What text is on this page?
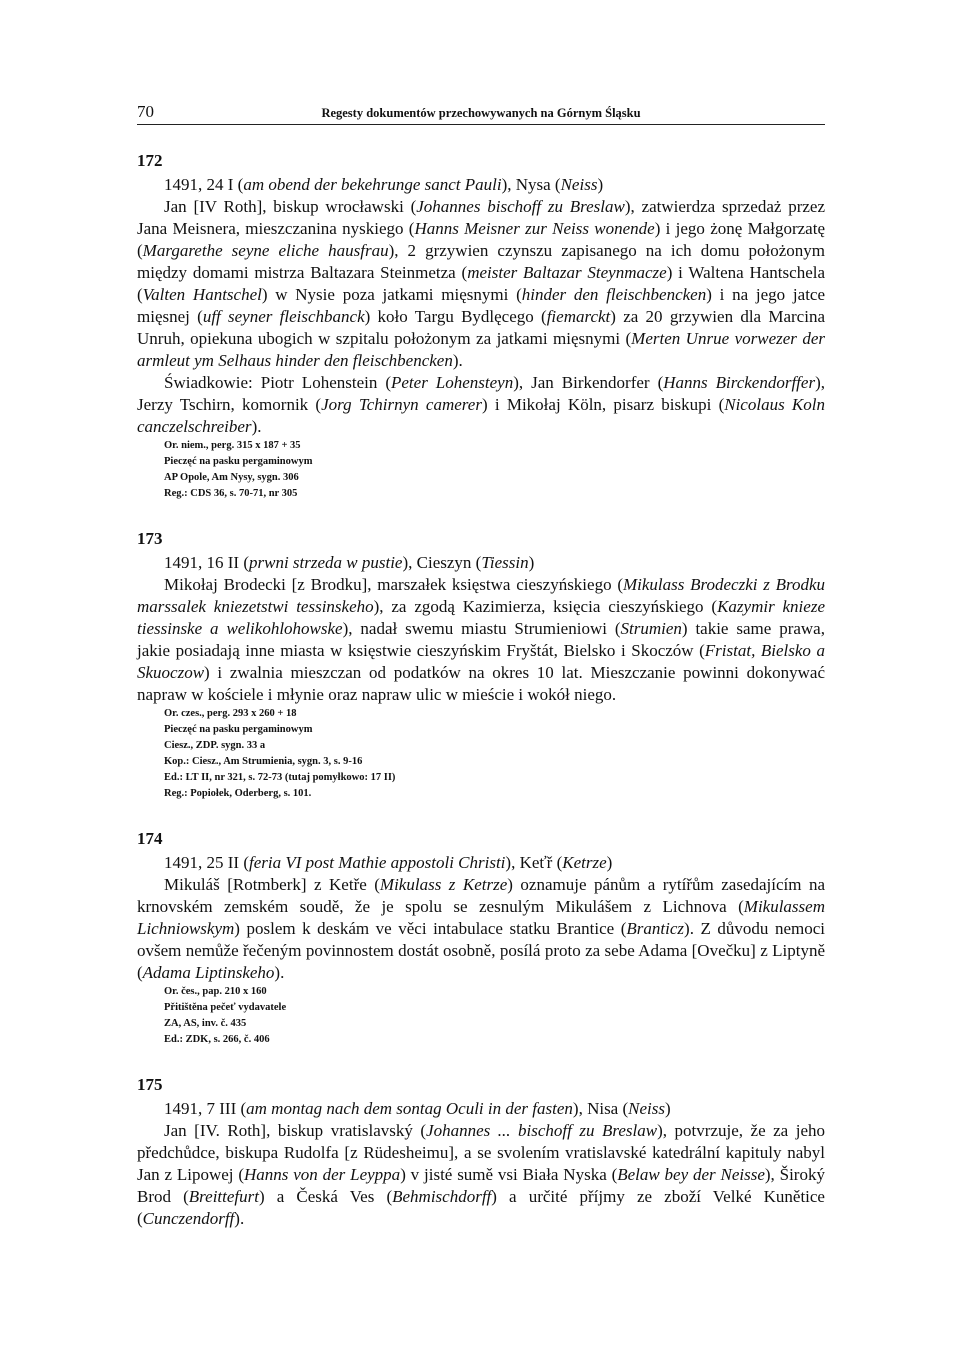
70	Regesty dokumentów przechowywanych na Górnym Śląsku
172

1491, 24 I (am obend der bekehrunge sanct Pauli), Nysa (Neiss)

Jan [IV Roth], biskup wrocławski (Johannes bischoff zu Breslaw), zatwierdza sprzedaż przez Jana Meisnera, mieszczanina nyskiego (Hanns Meisner zur Neiss wonende) i jego żonę Małgorzatę (Margarethe seyne eliche hausfrau), 2 grzywien czynszu zapisanego na ich domu położonym między domami mistrza Baltazara Steinmetza (meister Baltazar Steynmacze) i Waltena Hantschela (Valten Hantschel) w Nysie poza jatkami mięsnymi (hinder den fleischbencken) i na jego jatce mięsnej (uff seyner fleischbanck) koło Targu Bydlęcego (fiemarckt) za 20 grzywien dla Marcina Unruh, opiekuna ubogich w szpitalu położonym za jatkami mięsnymi (Merten Unrue vorwezer der armleut ym Selhaus hinder den fleischbencken).

Świadkowie: Piotr Lohenstein (Peter Lohensteyn), Jan Birkendorfer (Hanns Birckendorffer), Jerzy Tschirn, komornik (Jorg Tchirnyn camerer) i Mikołaj Köln, pisarz biskupi (Nicolaus Koln canczelschreiber).

Or. niem., perg. 315 x 187 + 35
Pieczęć na pasku pergaminowym
AP Opole, Am Nysy, sygn. 306
Reg.: CDS 36, s. 70-71, nr 305
173

1491, 16 II (prwni strzeda w pustie), Cieszyn (Tiessin)

Mikołaj Brodecki [z Brodku], marszałek księstwa cieszyńskiego (Mikulass Brodeczki z Brodku marssalek kniezetstwi tessinskeho), za zgodą Kazimierza, księcia cieszyńskiego (Kazymir knieze tiessinske a welikohlohowske), nadał swemu miastu Strumieniowi (Strumien) takie same prawa, jakie posiadają inne miasta w księstwie cieszyńskim Fryštát, Bielsko i Skoczów (Fristat, Bielsko a Skuoczow) i zwalnia mieszczan od podatków na okres 10 lat. Mieszczanie powinni dokonywać napraw w kościele i młynie oraz napraw ulic w mieście i wokół niego.

Or. czes., perg. 293 x 260 + 18
Pieczęć na pasku pergaminowym
Ciesz., ZDP. sygn. 33 a
Kop.: Ciesz., Am Strumienia, sygn. 3, s. 9-16
Ed.: LT II, nr 321, s. 72-73 (tutaj pomyłkowo: 17 II)
Reg.: Popiołek, Oderberg, s. 101.
174

1491, 25 II (feria VI post Mathie appostoli Christi), Keťř (Ketrze)

Mikuláš [Rotmberk] z Ketře (Mikulass z Ketrze) oznamuje pánům a rytířům zasedajícím na krnovském zemském soudě, že je spolu se zesnulým Mikulášem z Lichnova (Mikulassem Lichniowskym) poslem k deskám ve věci intabulace statku Brantice (Branticz). Z důvodu nemoci ovšem nemůže řečeným povinnostem dostát osobně, posílá proto za sebe Adama [Ovečku] z Liptyně (Adama Liptinskeho).

Or. čes., pap. 210 x 160
Přitištěna pečeť vydavatele
ZA, AS, inv. č. 435
Ed.: ZDK, s. 266, č. 406
175

1491, 7 III (am montag nach dem sontag Oculi in der fasten), Nisa (Neiss)

Jan [IV. Roth], biskup vratislavský (Johannes ... bischoff zu Breslaw), potvrzuje, že za jeho předchůdce, biskupa Rudolfa [z Rüdesheimu], a se svolením vratislavské katedrální kapituly nabyl Jan z Lipowej (Hanns von der Leyppa) v jisté sumě vsi Biała Nyska (Belaw bey der Neisse), Široký Brod (Breittefurt) a Česká Ves (Behmischdorff) a určité příjmy ze zboží Velké Kunětice (Cunczendorff).
